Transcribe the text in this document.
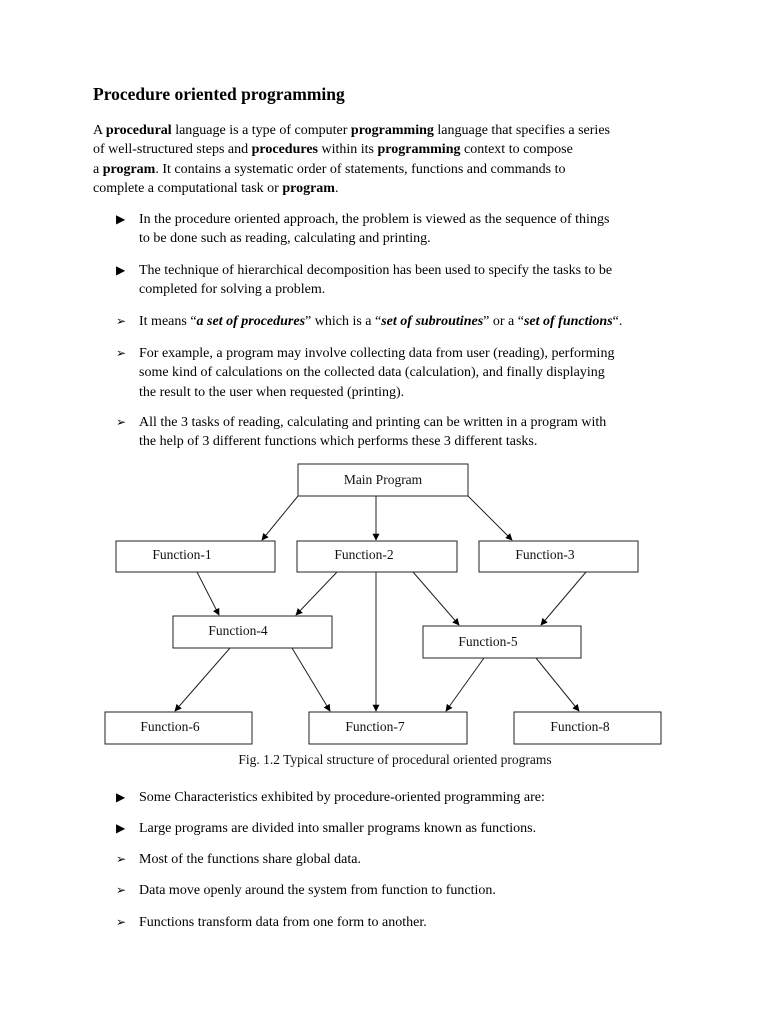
Procedure oriented programming

A procedural language is a type of computer programming language that specifies a series
of well-structured steps and procedures within its programming context to compose
a program. It contains a systematic order of statements, functions and commands to
complete a computational task or program.

▶ In the procedure oriented approach, the problem is viewed as the sequence of things
to be done such as reading, calculating and printing.
▶ The technique of hierarchical decomposition has been used to specify the tasks to be
completed for solving a problem.
➢ It means “a set of procedures” which is a “set of subroutines” or a “set of functions“.
➢ For example, a program may involve collecting data from user (reading), performing
some kind of calculations on the collected data (calculation), and finally displaying
the result to the user when requested (printing).
➢ All the 3 tasks of reading, calculating and printing can be written in a program with
the help of 3 different functions which performs these 3 different tasks.
Main Program
Function-1	Function-2	Function-3
Function-4
Function-5
Function-6	Function-7	Function-8
Fig. 1.2 Typical structure of procedural oriented programs
▶ Some Characteristics exhibited by procedure-oriented programming are:
▶ Large programs are divided into smaller programs known as functions.
➢ Most of the functions share global data.
➢ Data move openly around the system from function to function.
➢ Functions transform data from one form to another.
